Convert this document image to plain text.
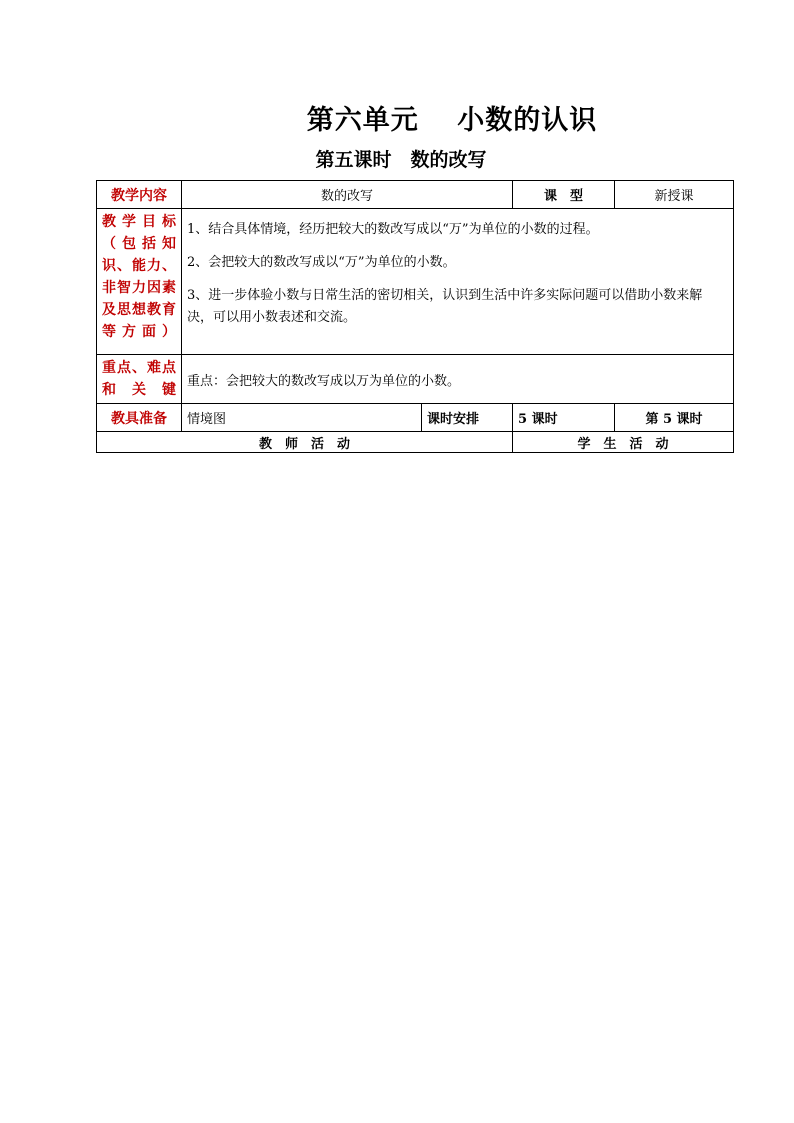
第六单元　 小数的认识
第五课时　数的改写
教学内容	数的改写		课　型	新授课
教学目标（包括知识、能力、非智力因素及思想教育等方面）	1、结合具体情境，经历把较大的数改写成以“万”为单位的小数的过程。

2、会把较大的数改写成以“万”为单位的小数。

3、进一步体验小数与日常生活的密切相关，认识到生活中许多实际问题可以借助小数来解决，可以用小数表述和交流。			

重点、难点和关键	重点：会把较大的数改写成以万为单位的小数。			
教具准备	情境图	课时安排	5 课时	第 5 课时
教　师　活　动			学　生　活　动	
